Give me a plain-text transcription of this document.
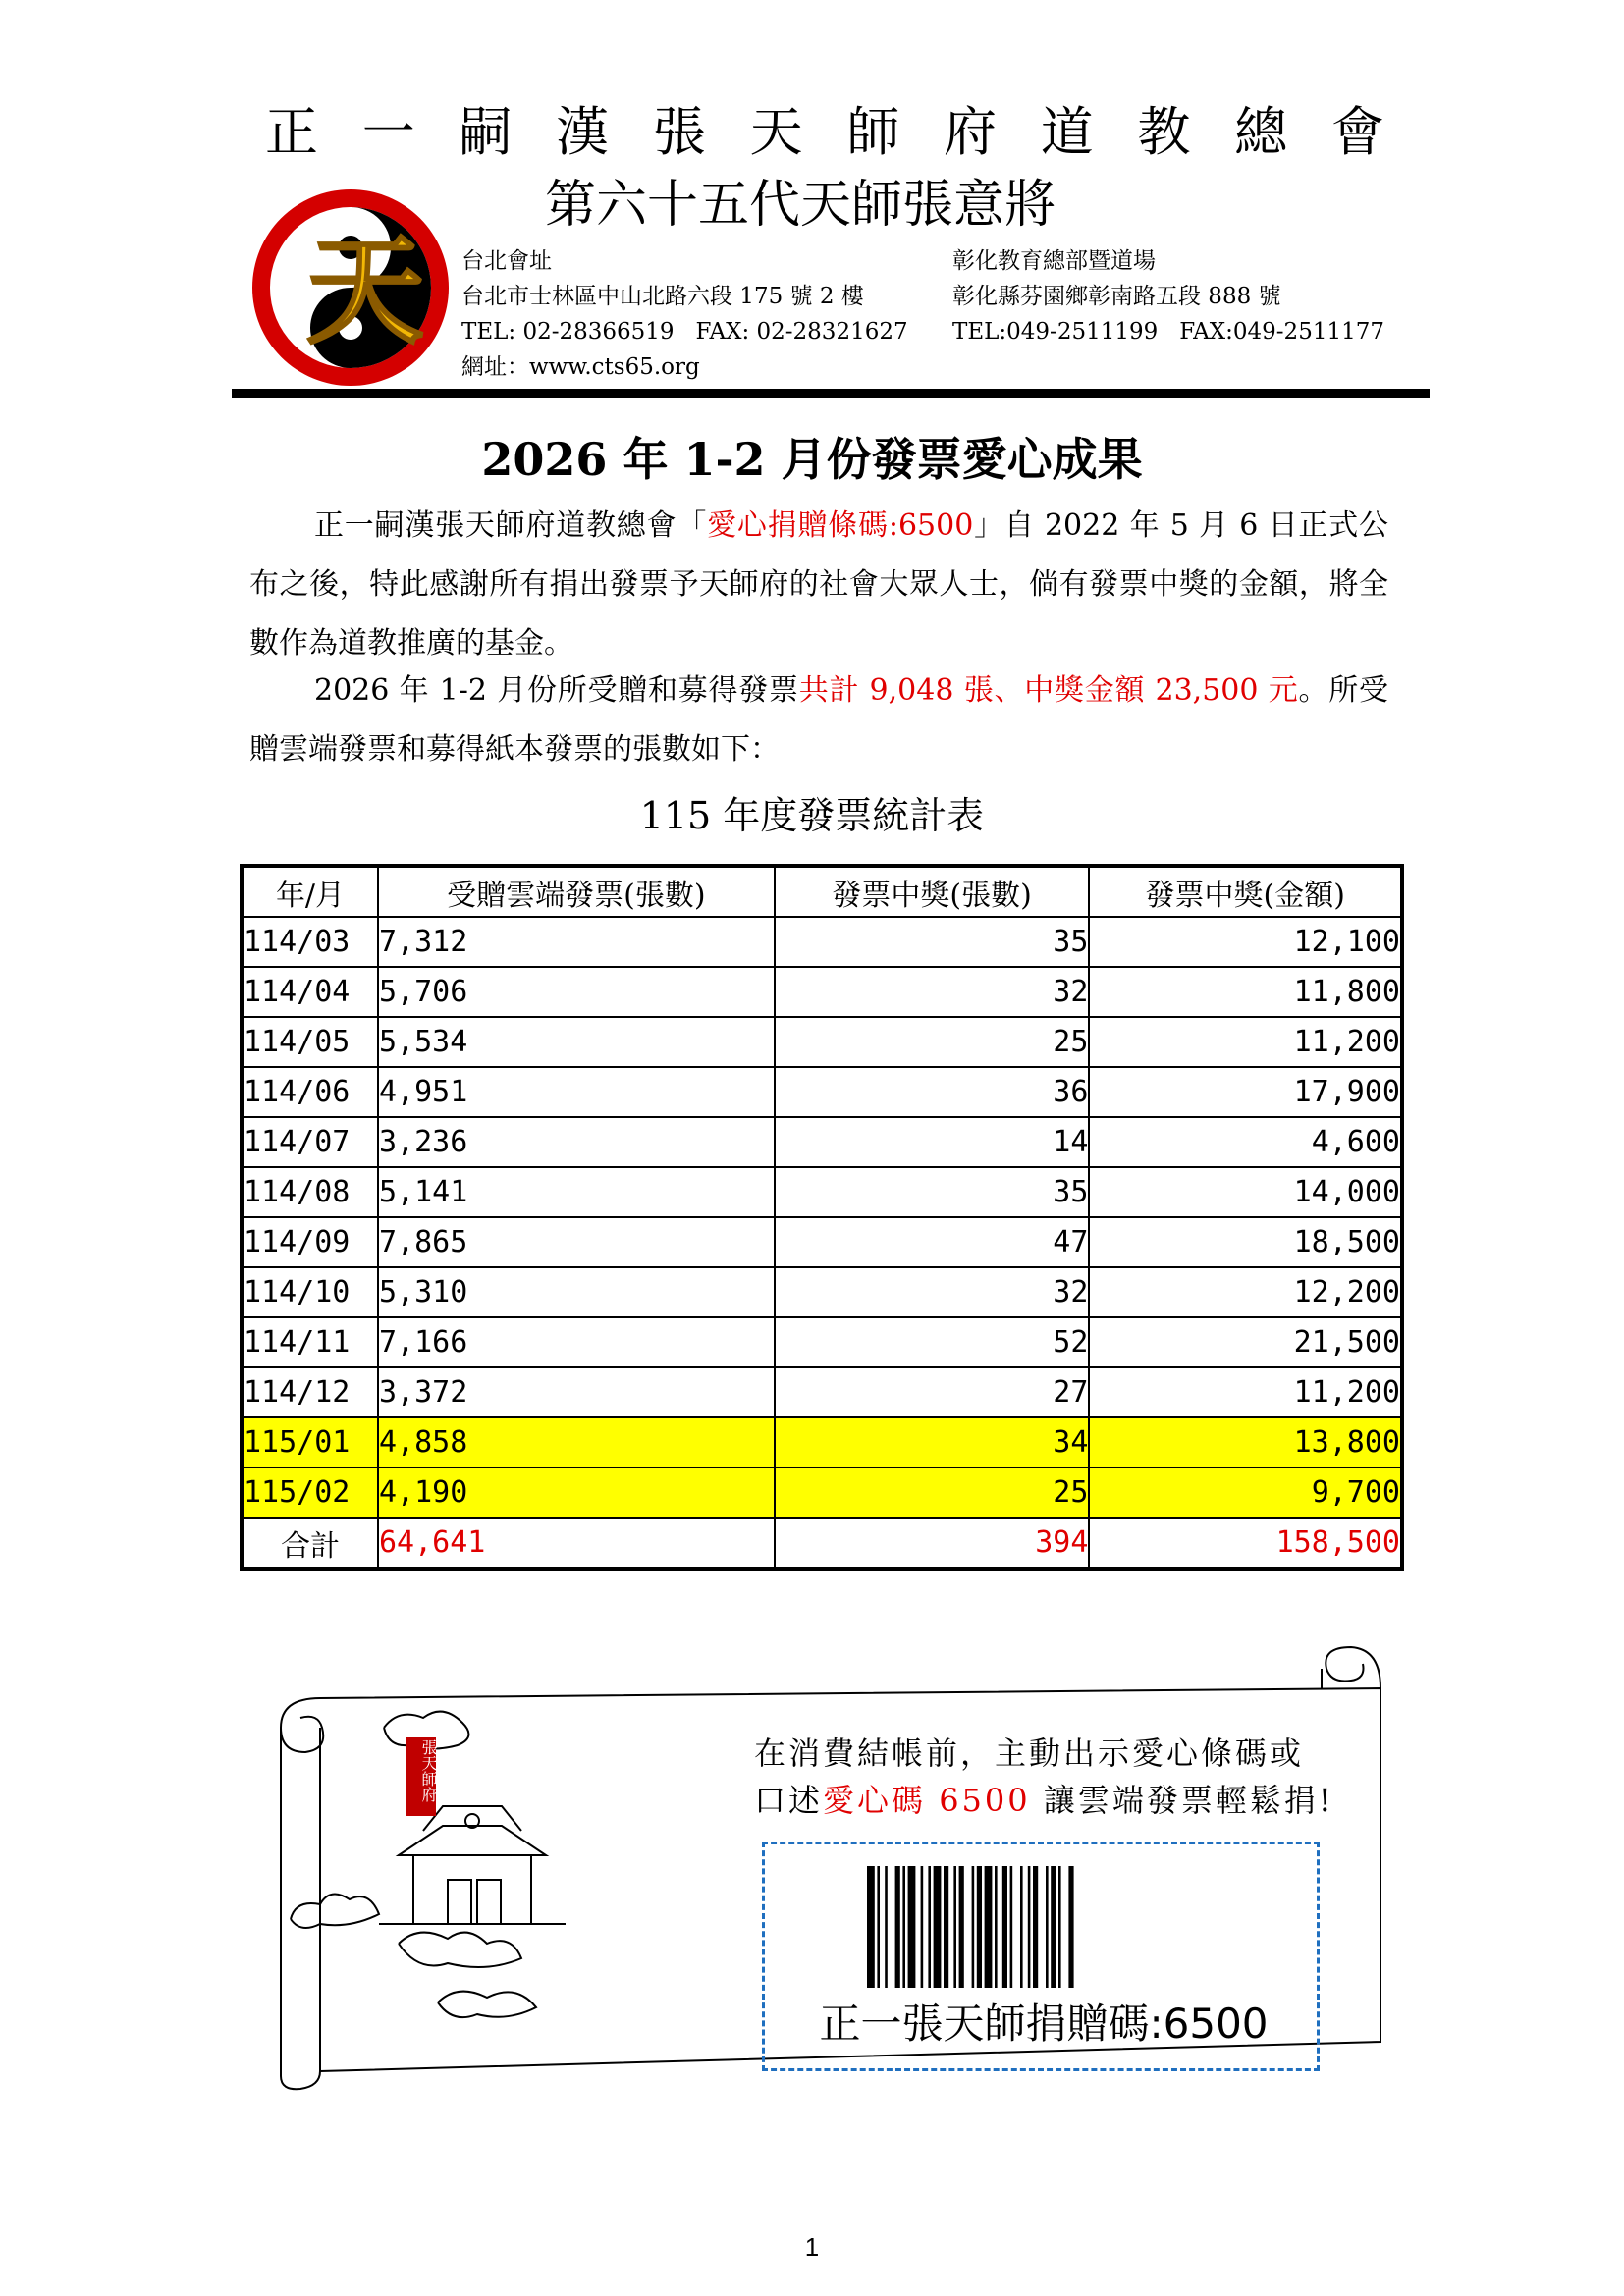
正 一 嗣 漢 張 天 師 府 道 教 總 會
第六十五代天師張意將
天 台北會址	彰化教育總部暨道場
台北市士林區中山北路六段 175 號 2 樓	彰化縣芬園鄉彰南路五段 888 號
TEL: 02-28366519   FAX: 02-28321627 TEL:049-2511199   FAX:049-2511177
網址：www.cts65.org
2026 年 1-2 月份發票愛心成果
正一嗣漢張天師府道教總會「愛心捐贈條碼:6500」自 2022 年 5 月 6 日正式公布之後，特此感謝所有捐出發票予天師府的社會大眾人士，倘有發票中獎的金額，將全數作為道教推廣的基金。
2026 年 1-2 月份所受贈和募得發票共計 9,048 張、中獎金額 23,500 元。所受贈雲端發票和募得紙本發票的張數如下：
115 年度發票統計表
年/月	受贈雲端發票(張數)	發票中獎(張數)	發票中獎(金額)
114/03	7,312	35	12,100
114/04	5,706	32	11,800
114/05	5,534	25	11,200
114/06	4,951	36	17,900
114/07	3,236	14	4,600
114/08	5,141	35	14,000
114/09	7,865	47	18,500
114/10	5,310	32	12,200
114/11	7,166	52	21,500
114/12	3,372	27	11,200
115/01	4,858	34	13,800
115/02	4,190	25	9,700
合計	64,641	394	158,500
張天師府	在消費結帳前，主動出示愛心條碼或
口述愛心碼 6500 讓雲端發票輕鬆捐!
正一張天師捐贈碼:6500
1
